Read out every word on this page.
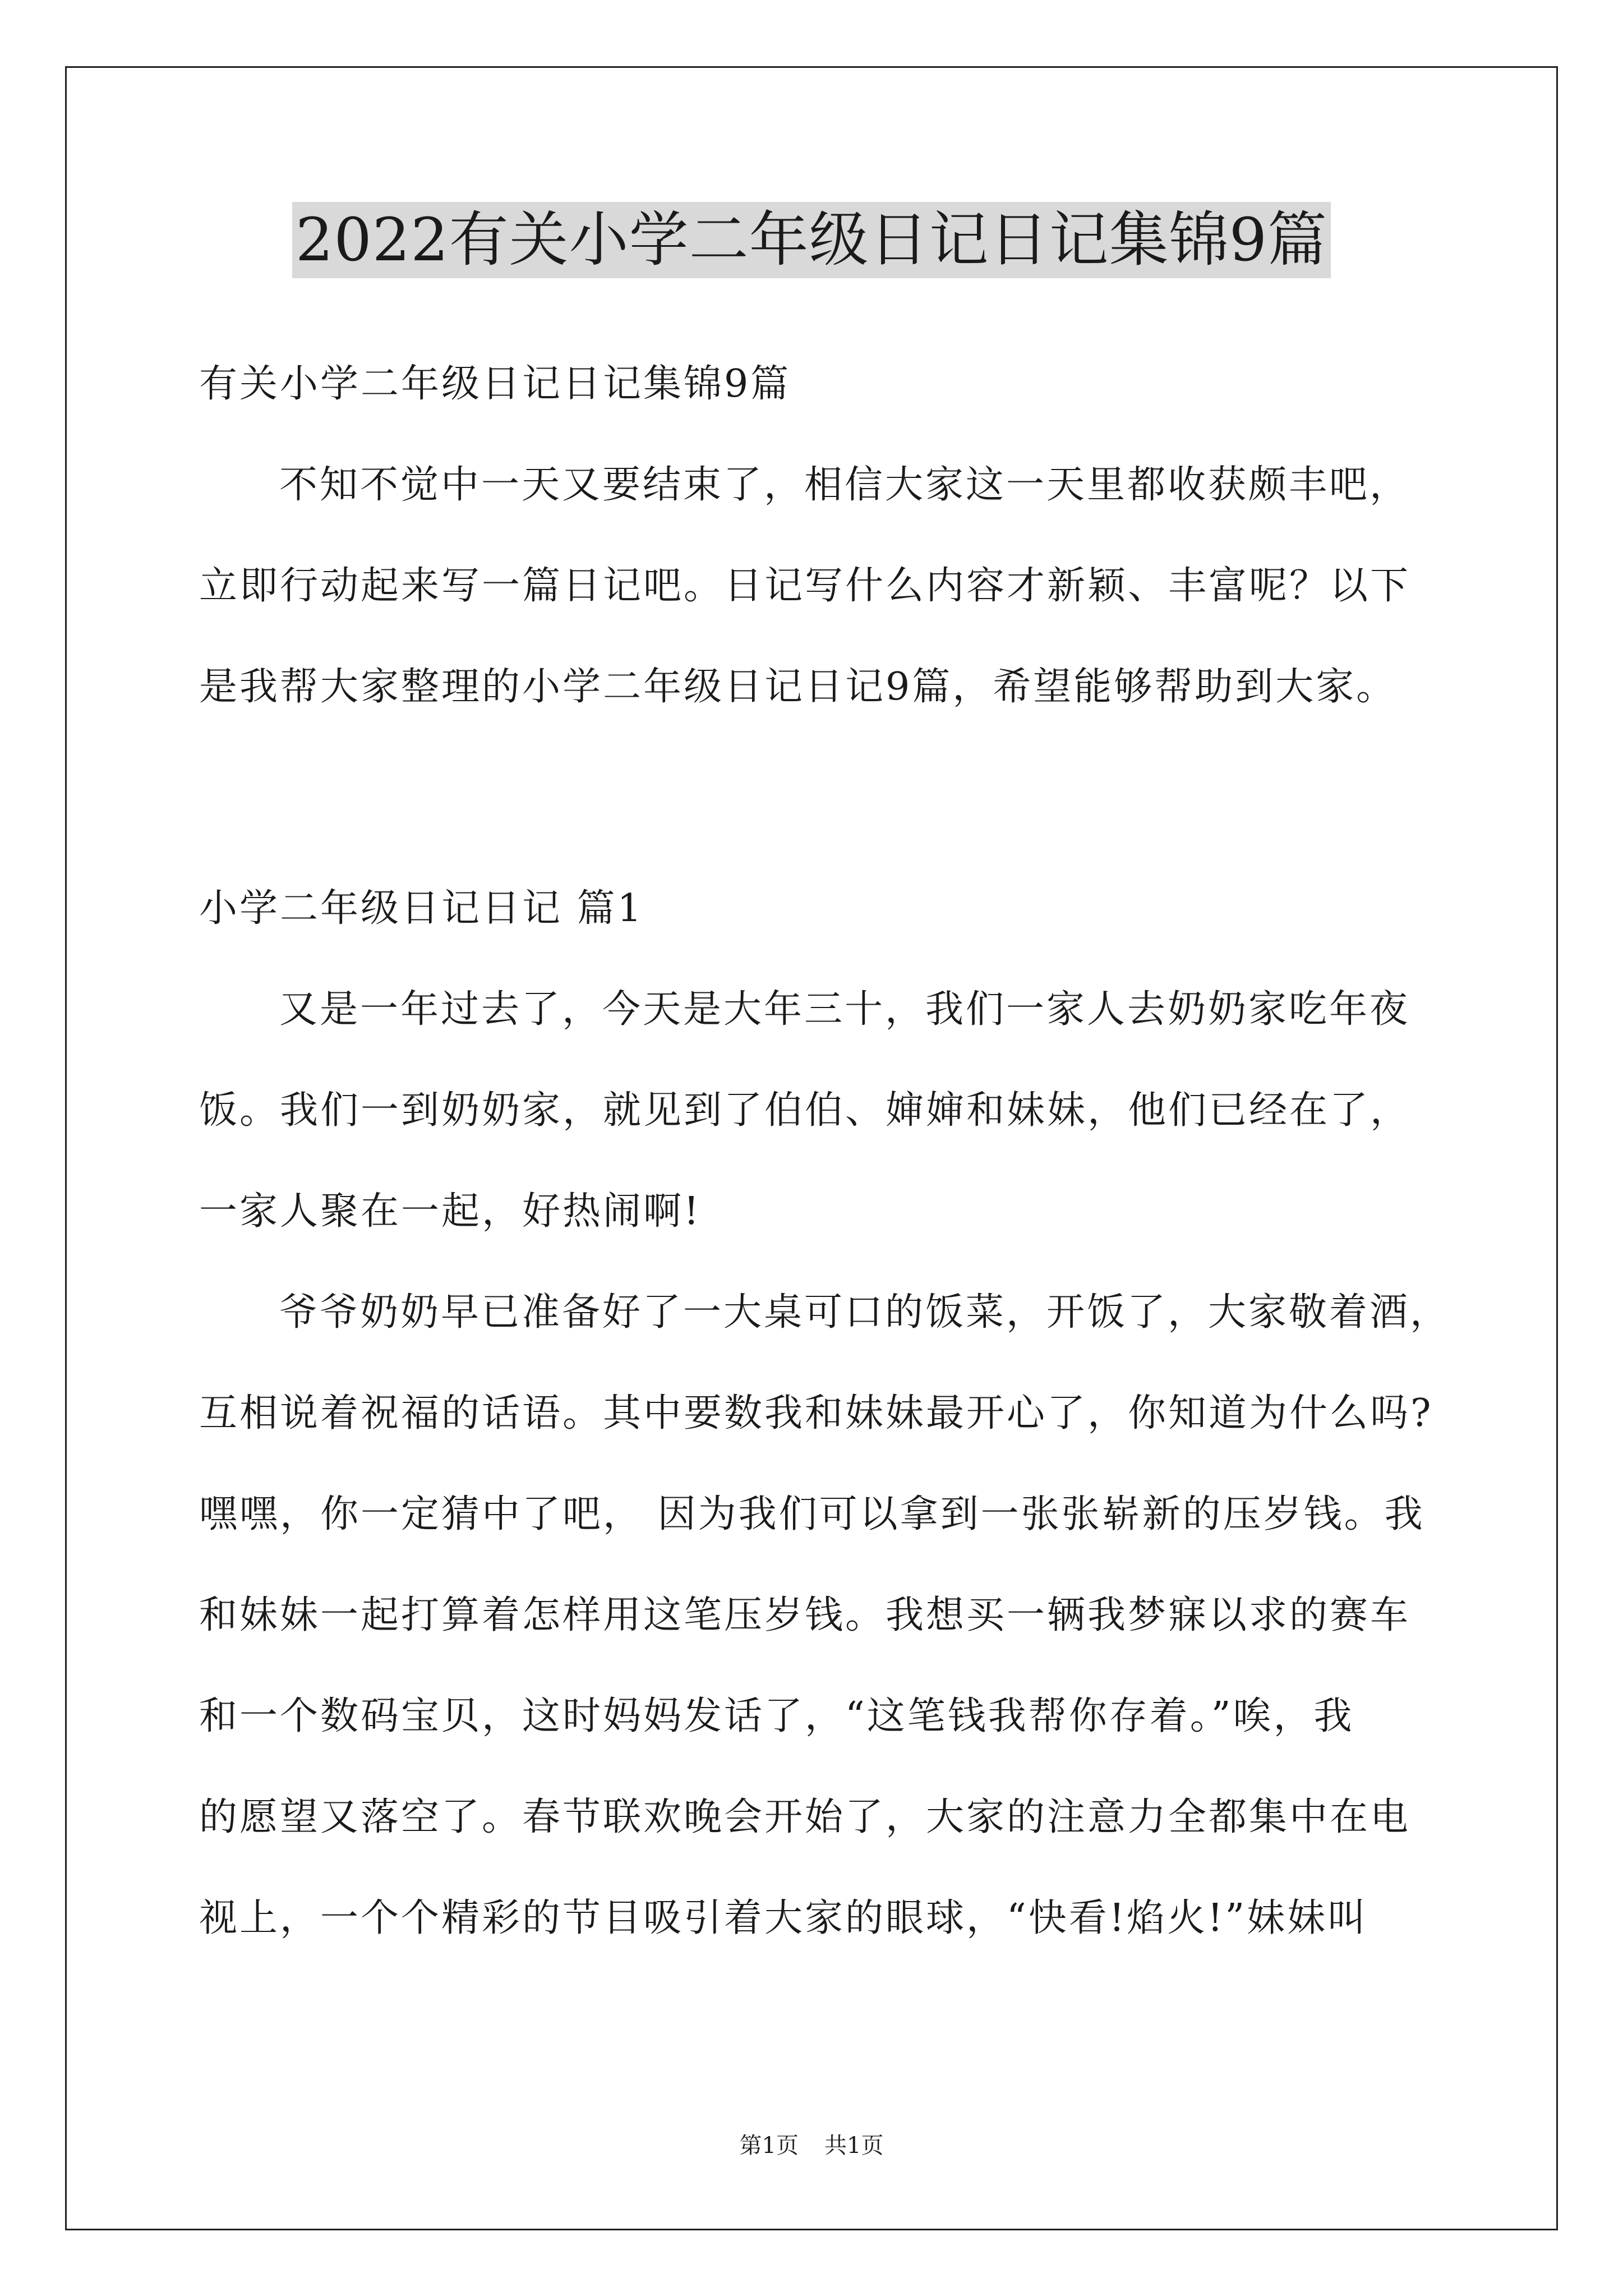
2022有关小学二年级日记日记集锦9篇
有关小学二年级日记日记集锦9篇
不知不觉中一天又要结束了，相信大家这一天里都收获颇丰吧，
立即行动起来写一篇日记吧。日记写什么内容才新颖、丰富呢？以下
是我帮大家整理的小学二年级日记日记9篇，希望能够帮助到大家。
小学二年级日记日记 篇1
又是一年过去了，今天是大年三十，我们一家人去奶奶家吃年夜
饭。我们一到奶奶家，就见到了伯伯、婶婶和妹妹，他们已经在了，
一家人聚在一起，好热闹啊!
爷爷奶奶早已准备好了一大桌可口的饭菜，开饭了，大家敬着酒，
互相说着祝福的话语。其中要数我和妹妹最开心了，你知道为什么吗?
嘿嘿，你一定猜中了吧， 因为我们可以拿到一张张崭新的压岁钱。我
和妹妹一起打算着怎样用这笔压岁钱。我想买一辆我梦寐以求的赛车
和一个数码宝贝，这时妈妈发话了，“这笔钱我帮你存着。”唉，我
的愿望又落空了。春节联欢晚会开始了，大家的注意力全都集中在电
视上，一个个精彩的节目吸引着大家的眼球，“快看!焰火!”妹妹叫
第1页 共1页
